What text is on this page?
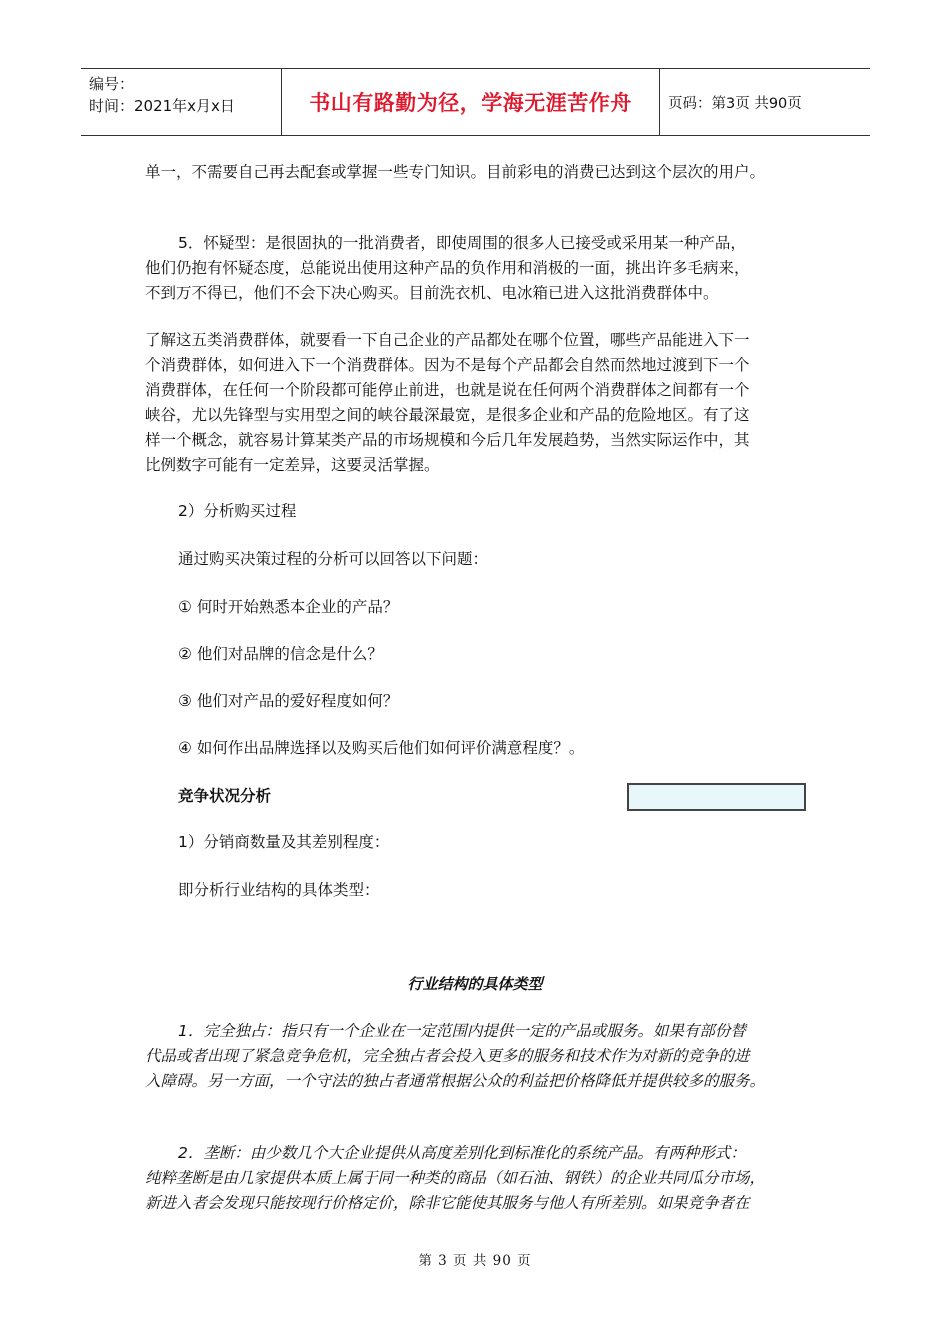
编号：
时间：2021年x月x日	书山有路勤为径，学海无涯苦作舟	页码：第3页 共90页

单一，不需要自己再去配套或掌握一些专门知识。目前彩电的消费已达到这个层次的用户。

5．怀疑型：是很固执的一批消费者，即使周围的很多人已接受或采用某一种产品，

他们仍抱有怀疑态度，总能说出使用这种产品的负作用和消极的一面，挑出许多毛病来，

不到万不得已，他们不会下决心购买。目前洗衣机、电冰箱已进入这批消费群体中。

了解这五类消费群体，就要看一下自己企业的产品都处在哪个位置，哪些产品能进入下一

个消费群体，如何进入下一个消费群体。因为不是每个产品都会自然而然地过渡到下一个

消费群体，在任何一个阶段都可能停止前进，也就是说在任何两个消费群体之间都有一个

峡谷，尤以先锋型与实用型之间的峡谷最深最宽，是很多企业和产品的危险地区。有了这

样一个概念，就容易计算某类产品的市场规模和今后几年发展趋势，当然实际运作中，其

比例数字可能有一定差异，这要灵活掌握。

2）分析购买过程
通过购买决策过程的分析可以回答以下问题：
① 何时开始熟悉本企业的产品？
② 他们对品牌的信念是什么？
③ 他们对产品的爱好程度如何？
④ 如何作出品牌选择以及购买后他们如何评价满意程度？。
竞争状况分析
1）分销商数量及其差别程度：
即分析行业结构的具体类型：
行业结构的具体类型

1．完全独占：指只有一个企业在一定范围内提供一定的产品或服务。如果有部份替

代品或者出现了紧急竞争危机，完全独占者会投入更多的服务和技术作为对新的竞争的进

入障碍。另一方面，一个守法的独占者通常根据公众的利益把价格降低并提供较多的服务。

2．垄断：由少数几个大企业提供从高度差别化到标准化的系统产品。有两种形式：

纯粹垄断是由几家提供本质上属于同一种类的商品（如石油、钢铁）的企业共同瓜分市场，

新进入者会发现只能按现行价格定价，除非它能使其服务与他人有所差别。如果竞争者在

第 3 页 共 90 页
